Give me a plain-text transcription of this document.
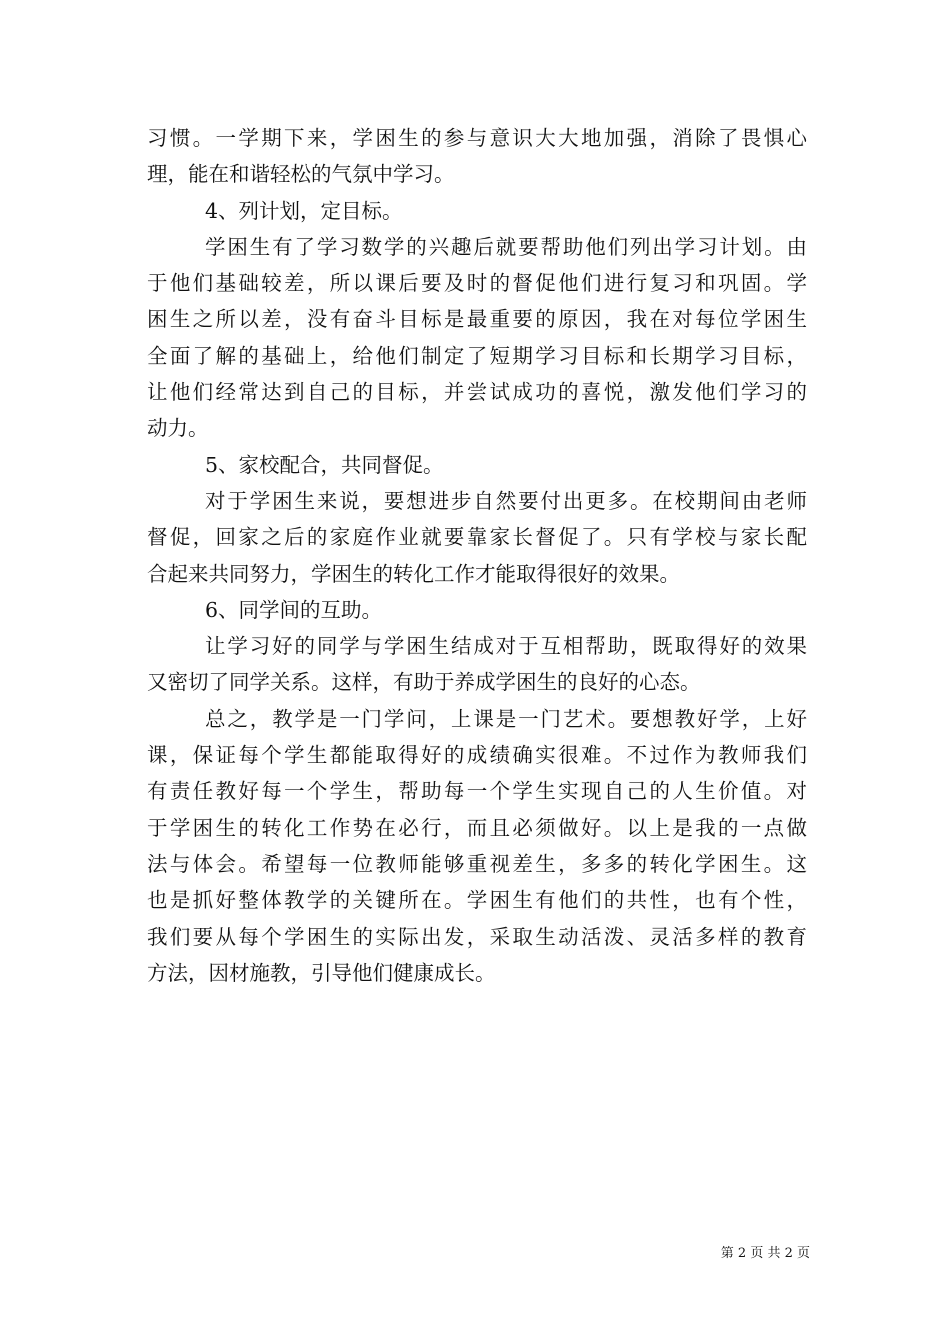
习惯。一学期下来，学困生的参与意识大大地加强，消除了畏惧心
理，能在和谐轻松的气氛中学习。
4、列计划，定目标。
学困生有了学习数学的兴趣后就要帮助他们列出学习计划。由
于他们基础较差，所以课后要及时的督促他们进行复习和巩固。学
困生之所以差，没有奋斗目标是最重要的原因，我在对每位学困生
全面了解的基础上，给他们制定了短期学习目标和长期学习目标，
让他们经常达到自己的目标，并尝试成功的喜悦，激发他们学习的
动力。
5、家校配合，共同督促。
对于学困生来说，要想进步自然要付出更多。在校期间由老师
督促，回家之后的家庭作业就要靠家长督促了。只有学校与家长配
合起来共同努力，学困生的转化工作才能取得很好的效果。
6、同学间的互助。
让学习好的同学与学困生结成对于互相帮助，既取得好的效果
又密切了同学关系。这样，有助于养成学困生的良好的心态。
总之，教学是一门学问，上课是一门艺术。要想教好学，上好
课，保证每个学生都能取得好的成绩确实很难。不过作为教师我们
有责任教好每一个学生，帮助每一个学生实现自己的人生价值。对
于学困生的转化工作势在必行，而且必须做好。以上是我的一点做
法与体会。希望每一位教师能够重视差生，多多的转化学困生。这
也是抓好整体教学的关键所在。学困生有他们的共性，也有个性，
我们要从每个学困生的实际出发，采取生动活泼、灵活多样的教育
方法，因材施教，引导他们健康成长。
第 2 页 共 2 页
